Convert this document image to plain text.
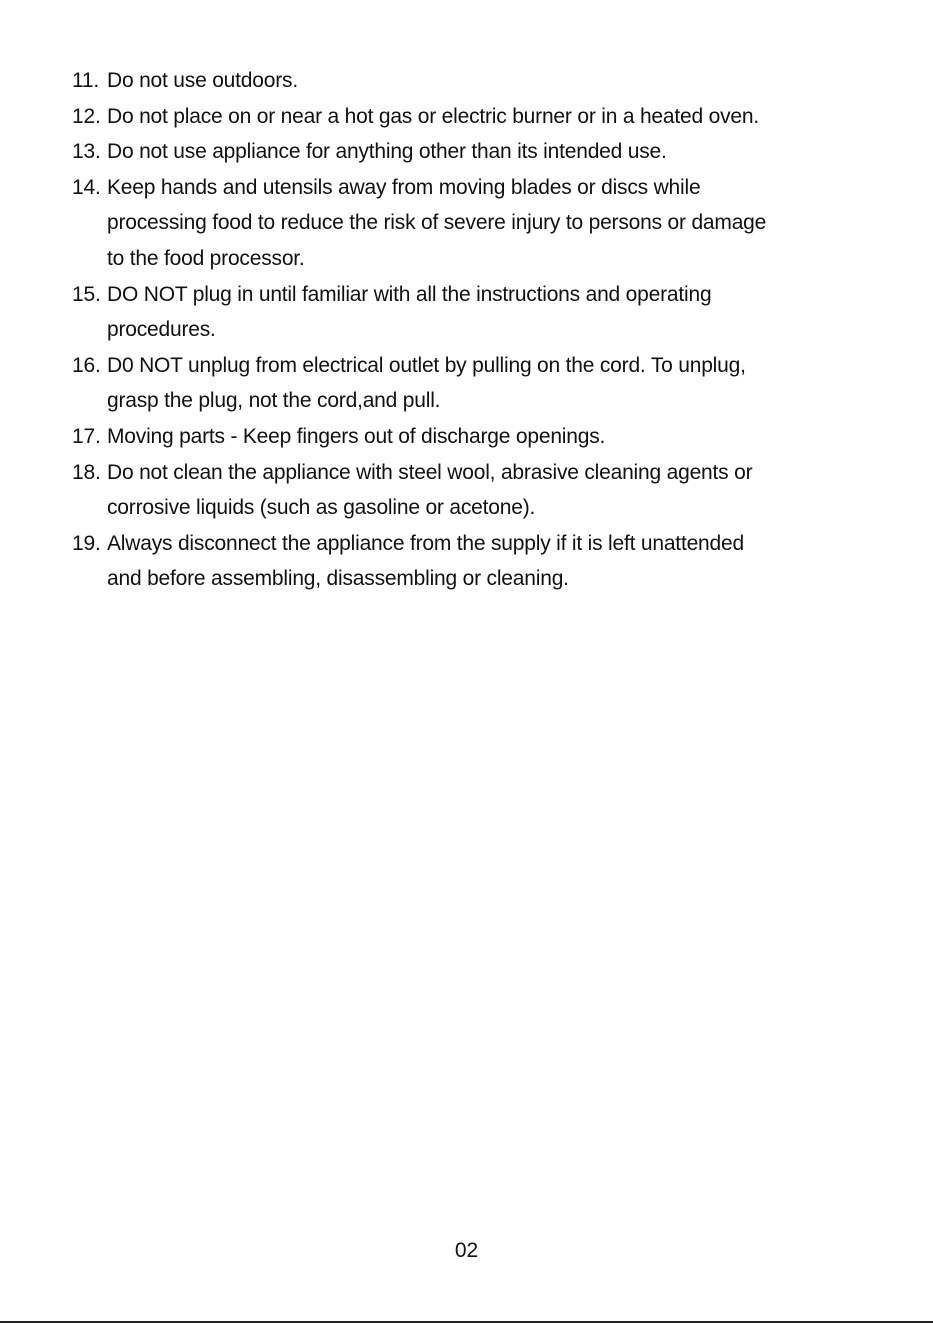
11. Do not use outdoors.
12. Do not place on or near a hot gas or electric burner or in a heated oven.
13. Do not use appliance for anything other than its intended use.
14. Keep hands and utensils away from moving blades or discs while
processing food to reduce the risk of severe injury to persons or damage
to the food processor.
15. DO NOT plug in until familiar with all the instructions and operating
procedures.
16. D0 NOT unplug from electrical outlet by pulling on the cord. To unplug,
grasp the plug, not the cord,and pull.
17. Moving parts - Keep fingers out of discharge openings.
18. Do not clean the appliance with steel wool, abrasive cleaning agents or
corrosive liquids (such as gasoline or acetone).
19. Always disconnect the appliance from the supply if it is left unattended
and before assembling, disassembling or cleaning.
02
